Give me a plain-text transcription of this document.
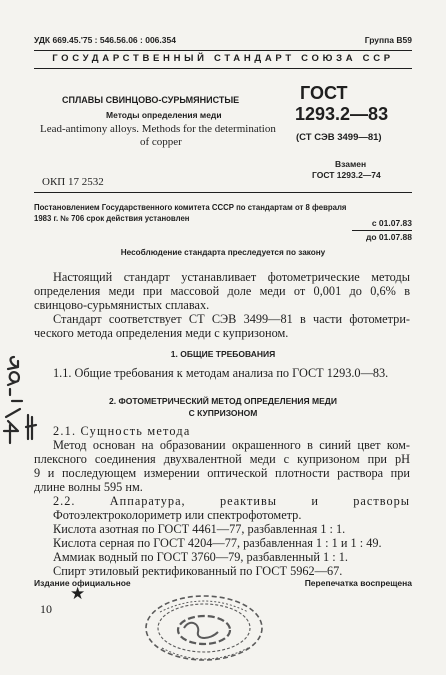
УДК 669.45.'75 : 546.56.06 : 006.354	Группа В59
ГОСУДАРСТВЕННЫЙ СТАНДАРТ СОЮЗА ССР
СПЛАВЫ СВИНЦОВО-СУРЬМЯНИСТЫЕ
Методы определения меди
Lead-antimony alloys. Methods for the determination
of copper
ГОСТ
1293.2—83
(СТ СЭВ 3499—81)
Взамен
ГОСТ 1293.2—74
ОКП 17 2532
Постановлением Государственного комитета СССР по стандартам от 8 февраля
1983 г. № 706 срок действия установлен	с 01.07.83
до 01.07.88
Несоблюдение стандарта преследуется по закону
Настоящий стандарт устанавливает фотометрические методы
определения меди при массовой доле меди от 0,001 до 0,6% в
свинцово-сурьмянистых сплавах.
Стандарт соответствует СТ СЭВ 3499—81 в части фотометри-
ческого метода определения меди с купризоном.
1. ОБЩИЕ ТРЕБОВАНИЯ
1.1. Общие требования к методам анализа по ГОСТ 1293.0—83.
2. ФОТОМЕТРИЧЕСКИЙ МЕТОД ОПРЕДЕЛЕНИЯ МЕДИ
С КУПРИЗОНОМ
2.1. Сущность метода
Метод основан на образовании окрашенного в синий цвет ком-
плексного соединения двухвалентной меди с купризоном при рН
9 и последующем измерении оптической плотности раствора при
длине волны 595 нм.
2.2. Аппаратура, реактивы и растворы
Фотоэлектроколориметр или спектрофотометр.
Кислота азотная по ГОСТ 4461—77, разбавленная 1 : 1.
Кислота серная по ГОСТ 4204—77, разбавленная 1 : 1 и 1 : 49.
Аммиак водный по ГОСТ 3760—79, разбавленный 1 : 1.
Спирт этиловый ректификованный по ГОСТ 5962—67.
Издание официальное	Перепечатка воспрещена
★
10
